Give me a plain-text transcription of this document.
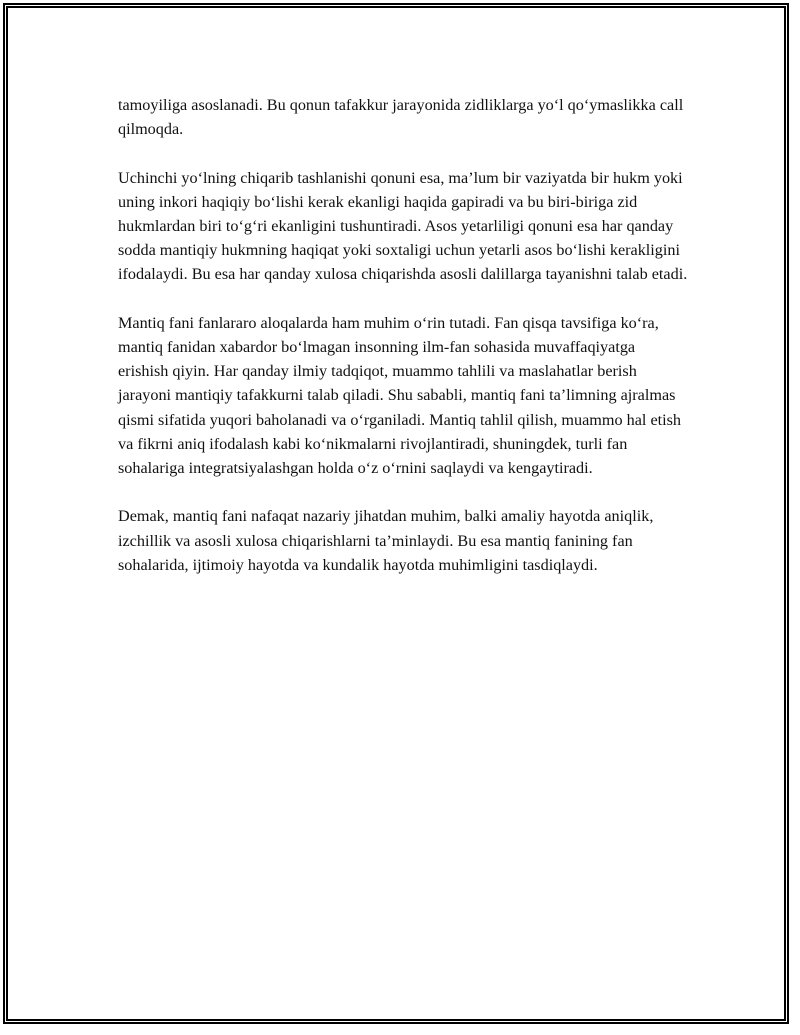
tamoyiliga asoslanadi. Bu qonun tafakkur jarayonida zidliklarga yo‘l qo‘ymaslikka call qilmoqda.

Uchinchi yo‘lning chiqarib tashlanishi qonuni esa, ma’lum bir vaziyatda bir hukm yoki uning inkori haqiqiy bo‘lishi kerak ekanligi haqida gapiradi va bu biri-biriga zid hukmlardan biri to‘g‘ri ekanligini tushuntiradi. Asos yetarliligi qonuni esa har qanday sodda mantiqiy hukmning haqiqat yoki soxtaligi uchun yetarli asos bo‘lishi kerakligini ifodalaydi. Bu esa har qanday xulosa chiqarishda asosli dalillarga tayanishni talab etadi.

Mantiq fani fanlararo aloqalarda ham muhim o‘rin tutadi. Fan qisqa tavsifiga ko‘ra, mantiq fanidan xabardor bo‘lmagan insonning ilm-fan sohasida muvaffaqiyatga erishish qiyin. Har qanday ilmiy tadqiqot, muammo tahlili va maslahatlar berish jarayoni mantiqiy tafakkurni talab qiladi. Shu sababli, mantiq fani ta’limning ajralmas qismi sifatida yuqori baholanadi va o‘rganiladi. Mantiq tahlil qilish, muammo hal etish va fikrni aniq ifodalash kabi ko‘nikmalarni rivojlantiradi, shuningdek, turli fan sohalariga integratsiyalashgan holda o‘z o‘rnini saqlaydi va kengaytiradi.

Demak, mantiq fani nafaqat nazariy jihatdan muhim, balki amaliy hayotda aniqlik, izchillik va asosli xulosa chiqarishlarni ta’minlaydi. Bu esa mantiq fanining fan sohalarida, ijtimoiy hayotda va kundalik hayotda muhimligini tasdiqlaydi.
